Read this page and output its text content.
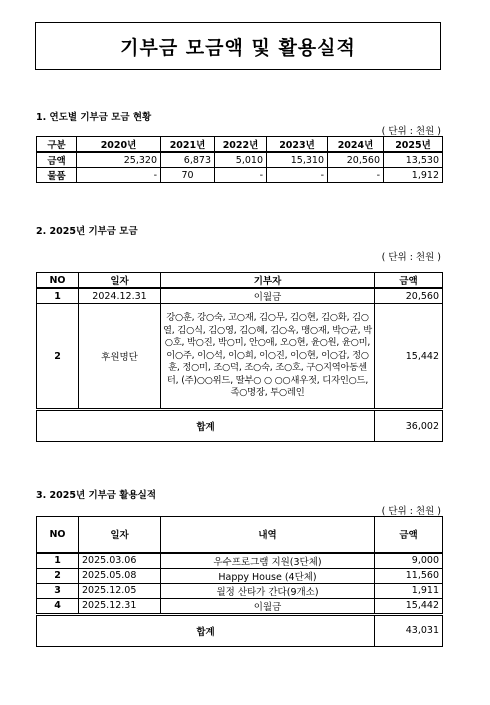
기부금 모금액 및 활용실적
1. 연도별 기부금 모금 현황
( 단위 : 천원 )
구분	2020년	2021년	2022년	2023년	2024년	2025년
금액	25,320	6,873	5,010	15,310	20,560	13,530
물품	-	70	-	-	-	1,912
2. 2025년 기부금 모금
( 단위 : 천원 )
NO	일자	기부자	금액
1	2024.12.31	이월금	20,560
2	후원명단	강○훈, 강○숙, 고○재, 김○무, 김○현, 김○화, 김○열, 김○식, 김○영, 김○혜, 김○옥, 맹○재, 박○균, 박○호, 박○진, 박○미, 안○애, 오○현, 윤○원, 윤○미, 이○주, 이○석, 이○희, 이○진, 이○현, 이○갑, 정○훈, 정○미, 조○덕, 조○숙, 조○호, 구○지역아동센터, (주)○○위드, 딸부○ ○ ○○새우젓, 디자인○드, 족○명장, 투○레인	15,442
합계			36,002
3. 2025년 기부금 활용실적
( 단위 : 천원 )
NO	일자	내역	금액
1	2025.03.06	우수프로그램 지원(3단체)	9,000
2	2025.05.08	Happy House (4단체)	11,560
3	2025.12.05	월정 산타가 간다(9개소)	1,911
4	2025.12.31	이월금	15,442
합계			43,031
